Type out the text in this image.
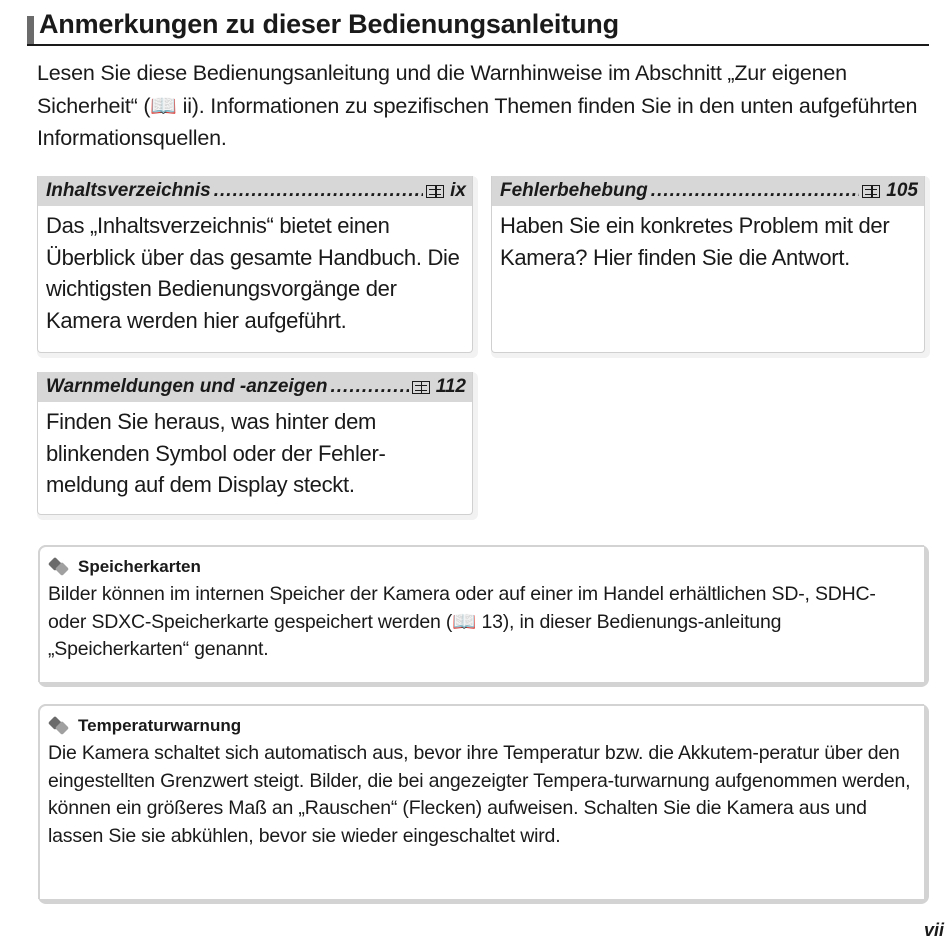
Anmerkungen zu dieser Bedienungsanleitung
Lesen Sie diese Bedienungsanleitung und die Warnhinweise im Abschnitt „Zur eigenen Sicherheit“ (📖 ii). Informationen zu spezifischen Themen finden Sie in den unten aufgeführten Informationsquellen.
Inhaltsverzeichnis .....	ix
Das „Inhaltsverzeichnis“ bietet einen Überblick über das gesamte Handbuch. Die wichtigsten Bedienungsvorgänge der Kamera werden hier aufgeführt.
Fehlerbehebung .....	105
Haben Sie ein konkretes Problem mit der Kamera? Hier finden Sie die Antwort.
Warnmeldungen und -anzeigen .....	112
Finden Sie heraus, was hinter dem blinkenden Symbol oder der Fehler-meldung auf dem Display steckt.
Speicherkarten
Bilder können im internen Speicher der Kamera oder auf einer im Handel erhältlichen SD-, SDHC- oder SDXC-Speicherkarte gespeichert werden (📖 13), in dieser Bedienungs-anleitung „Speicherkarten“ genannt.
Temperaturwarnung
Die Kamera schaltet sich automatisch aus, bevor ihre Temperatur bzw. die Akkutem-peratur über den eingestellten Grenzwert steigt. Bilder, die bei angezeigter Tempera-turwarnung aufgenommen werden, können ein größeres Maß an „Rauschen“ (Flecken) aufweisen. Schalten Sie die Kamera aus und lassen Sie sie abkühlen, bevor sie wieder eingeschaltet wird.
vii
